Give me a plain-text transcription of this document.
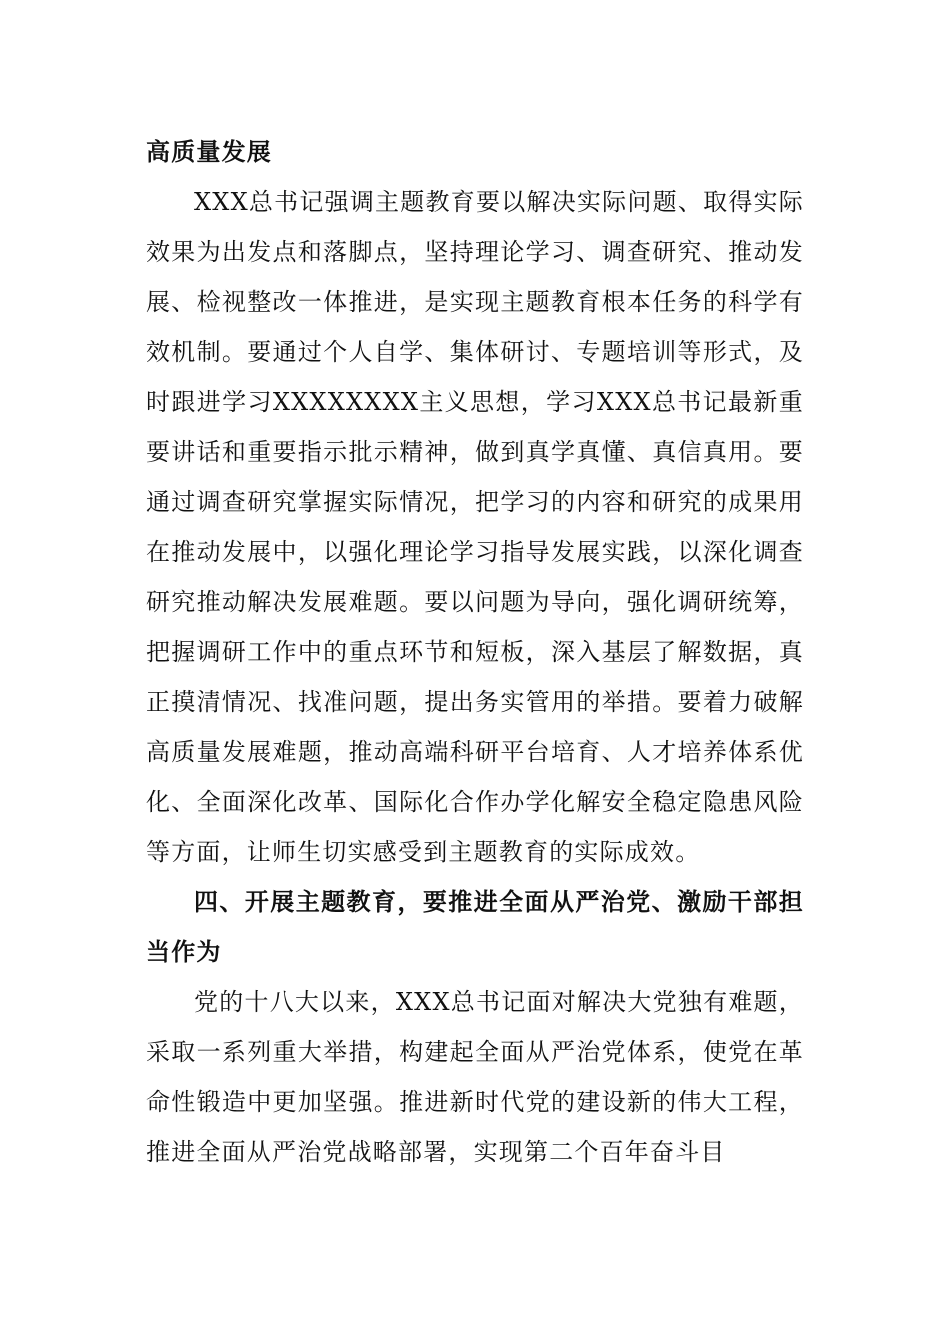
高质量发展

XXX总书记强调主题教育要以解决实际问题、取得实际效果为出发点和落脚点，坚持理论学习、调查研究、推动发展、检视整改一体推进，是实现主题教育根本任务的科学有效机制。要通过个人自学、集体研讨、专题培训等形式，及时跟进学习XXXXXXXX主义思想，学习XXX总书记最新重要讲话和重要指示批示精神，做到真学真懂、真信真用。要通过调查研究掌握实际情况，把学习的内容和研究的成果用在推动发展中，以强化理论学习指导发展实践，以深化调查研究推动解决发展难题。要以问题为导向，强化调研统筹，把握调研工作中的重点环节和短板，深入基层了解数据，真正摸清情况、找准问题，提出务实管用的举措。要着力破解高质量发展难题，推动高端科研平台培育、人才培养体系优化、全面深化改革、国际化合作办学化解安全稳定隐患风险等方面，让师生切实感受到主题教育的实际成效。

四、开展主题教育，要推进全面从严治党、激励干部担当作为

党的十八大以来，XXX总书记面对解决大党独有难题，采取一系列重大举措，构建起全面从严治党体系，使党在革命性锻造中更加坚强。推进新时代党的建设新的伟大工程，推进全面从严治党战略部署，实现第二个百年奋斗目
